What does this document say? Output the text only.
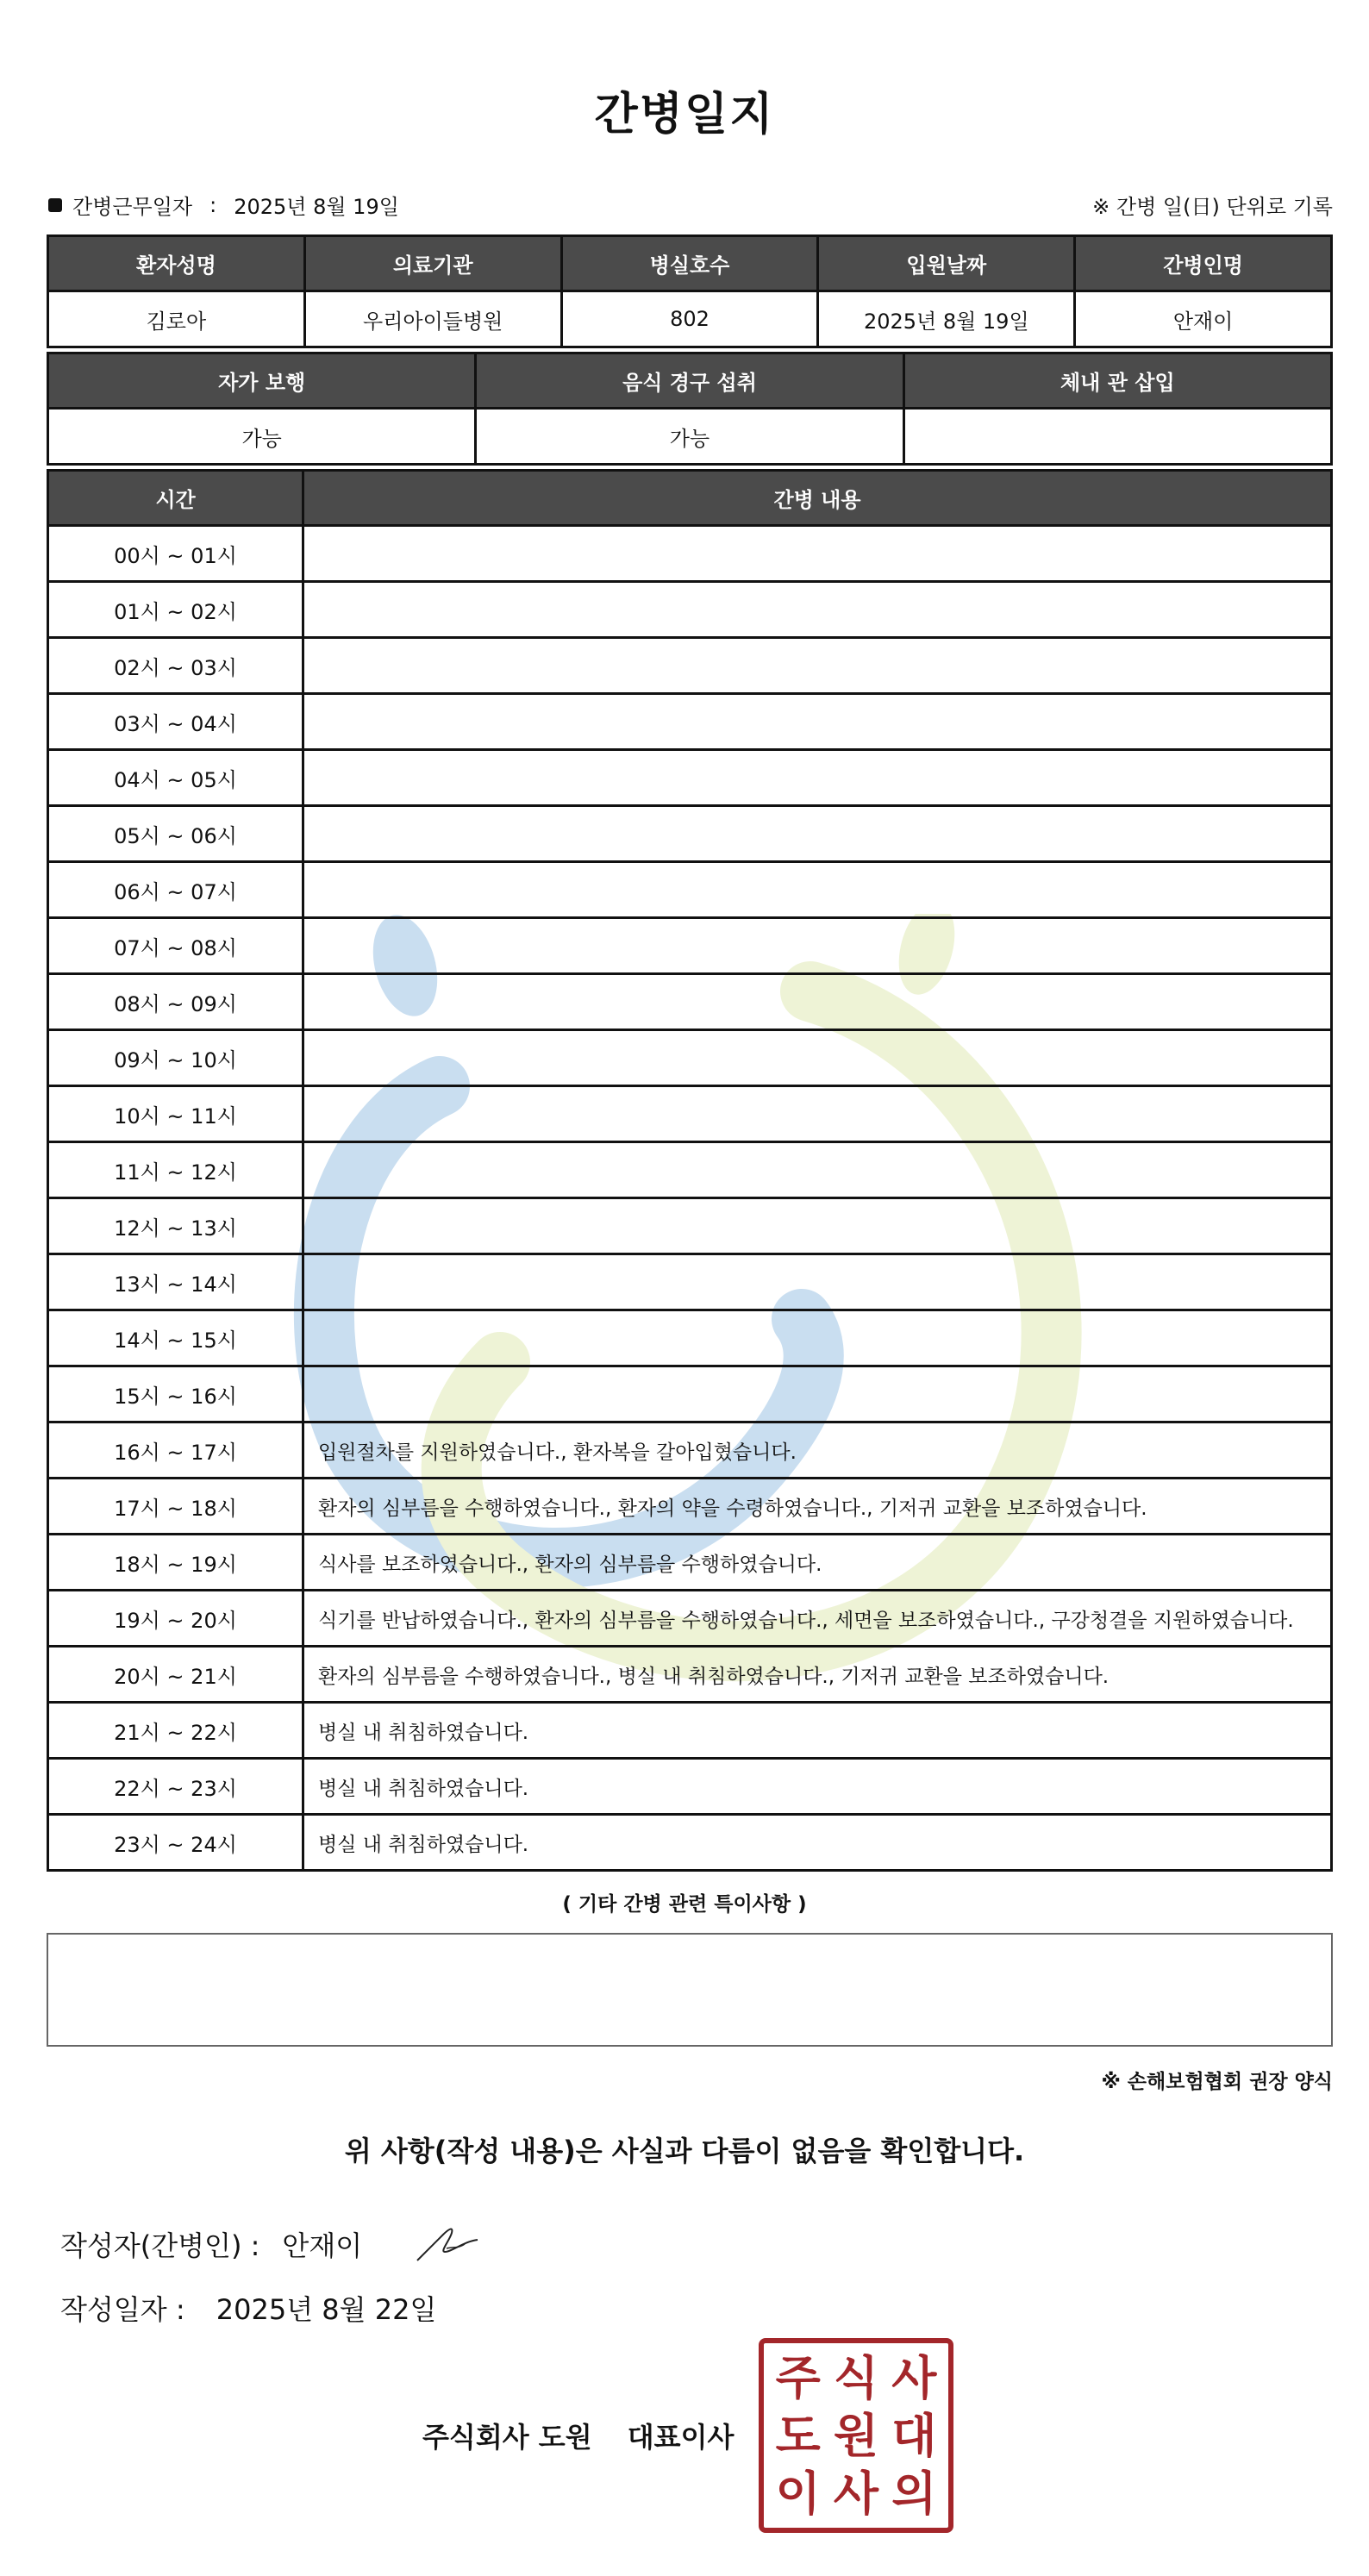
간병일지
간병근무일자 : 2025년 8월 19일	※ 간병 일(日) 단위로 기록
환자성명	의료기관	병실호수	입원날짜	간병인명
김로아	우리아이들병원	802	2025년 8월 19일	안재이
자가 보행	음식 경구 섭취	체내 관 삽입
가능	가능	
시간	간병 내용
00시 ~ 01시	
01시 ~ 02시	
02시 ~ 03시	
03시 ~ 04시	
04시 ~ 05시	
05시 ~ 06시	
06시 ~ 07시	
07시 ~ 08시	
08시 ~ 09시	
09시 ~ 10시	
10시 ~ 11시	
11시 ~ 12시	
12시 ~ 13시	
13시 ~ 14시	
14시 ~ 15시	
15시 ~ 16시	
16시 ~ 17시	입원절차를 지원하였습니다., 환자복을 갈아입혔습니다.
17시 ~ 18시	환자의 심부름을 수행하였습니다., 환자의 약을 수령하였습니다., 기저귀 교환을 보조하였습니다.
18시 ~ 19시	식사를 보조하였습니다., 환자의 심부름을 수행하였습니다.
19시 ~ 20시	식기를 반납하였습니다., 환자의 심부름을 수행하였습니다., 세면을 보조하였습니다., 구강청결을 지원하였습니다.
20시 ~ 21시	환자의 심부름을 수행하였습니다., 병실 내 취침하였습니다., 기저귀 교환을 보조하였습니다.
21시 ~ 22시	병실 내 취침하였습니다.
22시 ~ 23시	병실 내 취침하였습니다.
23시 ~ 24시	병실 내 취침하였습니다.
( 기타 간병 관련 특이사항 )
※ 손해보험협회 권장 양식
위 사항(작성 내용)은 사실과 다름이 없음을 확인합니다.
작성자(간병인) : 안재이
작성일자 : 2025년 8월 22일
주식회사 도원 대표이사
주 식 사
도 원 대
이 사 의
